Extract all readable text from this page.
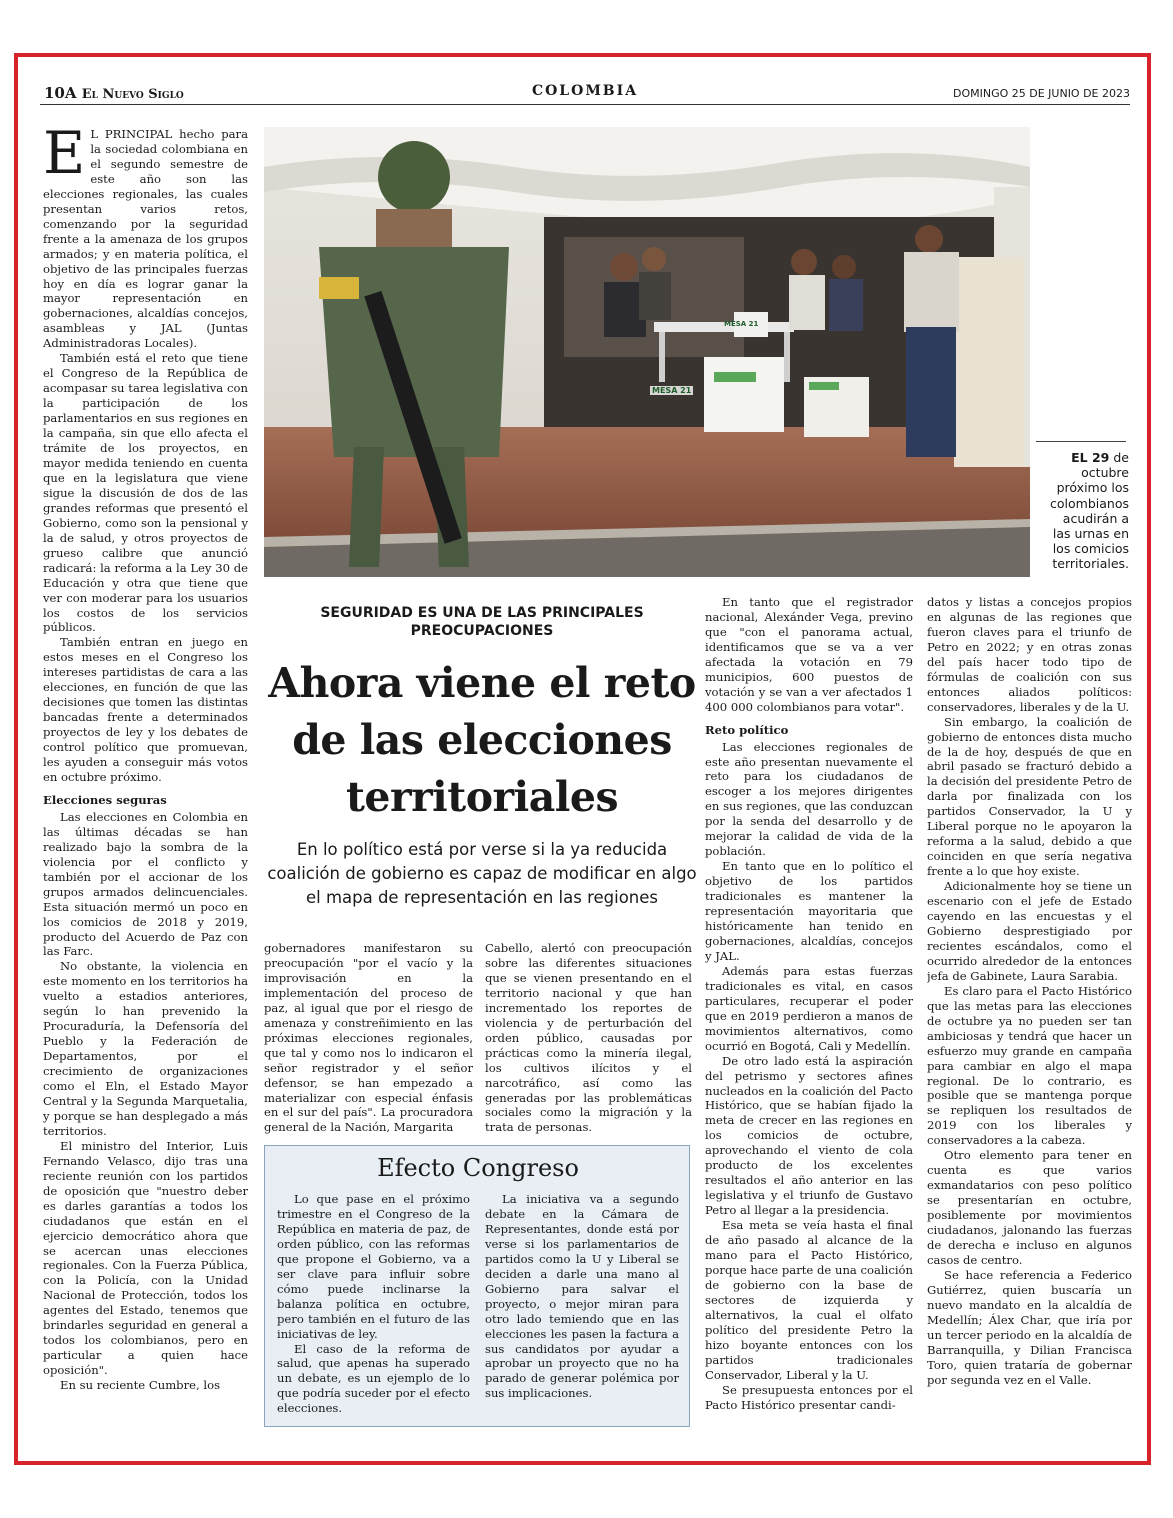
10A El Nuevo Siglo	COLOMBIA	DOMINGO 25 DE JUNIO DE 2023
MESA 21
MESA 21
EL 29 de octubre próximo los colombianos acudirán a las urnas en los comicios territoriales.

E L PRINCIPAL hecho para la sociedad colombiana en el segundo semestre de este año son las elecciones regionales, las cuales presentan varios retos, comenzando por la seguridad frente a la amenaza de los grupos armados; y en materia política, el objetivo de las principales fuerzas hoy en día es lograr ganar la mayor representación en gobernaciones, alcaldías concejos, asambleas y JAL (Juntas Administradoras Locales).

También está el reto que tiene el Congreso de la República de acompasar su tarea legislativa con la participación de los parlamentarios en sus regiones en la campaña, sin que ello afecta el trámite de los proyectos, en mayor medida teniendo en cuenta que en la legislatura que viene sigue la discusión de dos de las grandes reformas que presentó el Gobierno, como son la pensional y la de salud, y otros proyectos de grueso calibre que anunció radicará: la reforma a la Ley 30 de Educación y otra que tiene que ver con moderar para los usuarios los costos de los servicios públicos.

También entran en juego en estos meses en el Congreso los intereses partidistas de cara a las elecciones, en función de que las decisiones que tomen las distintas bancadas frente a determinados proyectos de ley y los debates de control político que promuevan, les ayuden a conseguir más votos en octubre próximo.

Elecciones seguras

Las elecciones en Colombia en las últimas décadas se han realizado bajo la sombra de la violencia por el conflicto y también por el accionar de los grupos armados delincuenciales. Esta situación mermó un poco en los comicios de 2018 y 2019, producto del Acuerdo de Paz con las Farc.

No obstante, la violencia en este momento en los territorios ha vuelto a estadios anteriores, según lo han prevenido la Procuraduría, la Defensoría del Pueblo y la Federación de Departamentos, por el crecimiento de organizaciones como el Eln, el Estado Mayor Central y la Segunda Marquetalia, y porque se han desplegado a más territorios.

El ministro del Interior, Luis Fernando Velasco, dijo tras una reciente reunión con los partidos de oposición que "nuestro deber es darles garantías a todos los ciudadanos que están en el ejercicio democrático ahora que se acercan unas elecciones regionales. Con la Fuerza Pública, con la Policía, con la Unidad Nacional de Protección, todos los agentes del Estado, tenemos que brindarles seguridad en general a todos los colombianos, pero en particular a quien hace oposición".

En su reciente Cumbre, los

SEGURIDAD ES UNA DE LAS PRINCIPALES PREOCUPACIONES
Ahora viene el reto de las elecciones territoriales
En lo político está por verse si la ya reducida coalición de gobierno es capaz de modificar en algo el mapa de representación en las regiones

gobernadores manifestaron su preocupación "por el vacío y la improvisación en la implementación del proceso de paz, al igual que por el riesgo de amenaza y constreñimiento en las próximas elecciones regionales, que tal y como nos lo indicaron el señor registrador y el señor defensor, se han empezado a materializar con especial énfasis en el sur del país". La procuradora general de la Nación, Margarita

Cabello, alertó con preocupación sobre las diferentes situaciones que se vienen presentando en el territorio nacional y que han incrementado los reportes de violencia y de perturbación del orden público, causadas por prácticas como la minería ilegal, los cultivos ilícitos y el narcotráfico, así como las generadas por las problemáticas sociales como la migración y la trata de personas.

Efecto Congreso

Lo que pase en el próximo trimestre en el Congreso de la República en materia de paz, de orden público, con las reformas que propone el Gobierno, va a ser clave para influir sobre cómo puede inclinarse la balanza política en octubre, pero también en el futuro de las iniciativas de ley.

El caso de la reforma de salud, que apenas ha superado un debate, es un ejemplo de lo que podría suceder por el efecto elecciones.

La iniciativa va a segundo debate en la Cámara de Representantes, donde está por verse si los parlamentarios de partidos como la U y Liberal se deciden a darle una mano al Gobierno para salvar el proyecto, o mejor miran para otro lado temiendo que en las elecciones les pasen la factura a sus candidatos por ayudar a aprobar un proyecto que no ha parado de generar polémica por sus implicaciones.

En tanto que el registrador nacional, Alexánder Vega, previno que "con el panorama actual, identificamos que se va a ver afectada la votación en 79 municipios, 600 puestos de votación y se van a ver afectados 1 400 000 colombianos para votar".

Reto político

Las elecciones regionales de este año presentan nuevamente el reto para los ciudadanos de escoger a los mejores dirigentes en sus regiones, que las conduzcan por la senda del desarrollo y de mejorar la calidad de vida de la población.

En tanto que en lo político el objetivo de los partidos tradicionales es mantener la representación mayoritaria que históricamente han tenido en gobernaciones, alcaldías, concejos y JAL.

Además para estas fuerzas tradicionales es vital, en casos particulares, recuperar el poder que en 2019 perdieron a manos de movimientos alternativos, como ocurrió en Bogotá, Cali y Medellín.

De otro lado está la aspiración del petrismo y sectores afines nucleados en la coalición del Pacto Histórico, que se habían fijado la meta de crecer en las regiones en los comicios de octubre, aprovechando el viento de cola producto de los excelentes resultados el año anterior en las legislativa y el triunfo de Gustavo Petro al llegar a la presidencia.

Esa meta se veía hasta el final de año pasado al alcance de la mano para el Pacto Histórico, porque hace parte de una coalición de gobierno con la base de sectores de izquierda y alternativos, la cual el olfato político del presidente Petro la hizo boyante entonces con los partidos tradicionales Conservador, Liberal y la U.

Se presupuesta entonces por el Pacto Histórico presentar candi-

datos y listas a concejos propios en algunas de las regiones que fueron claves para el triunfo de Petro en 2022; y en otras zonas del país hacer todo tipo de fórmulas de coalición con sus entonces aliados políticos: conservadores, liberales y de la U.

Sin embargo, la coalición de gobierno de entonces dista mucho de la de hoy, después de que en abril pasado se fracturó debido a la decisión del presidente Petro de darla por finalizada con los partidos Conservador, la U y Liberal porque no le apoyaron la reforma a la salud, debido a que coinciden en que sería negativa frente a lo que hoy existe.

Adicionalmente hoy se tiene un escenario con el jefe de Estado cayendo en las encuestas y el Gobierno desprestigiado por recientes escándalos, como el ocurrido alrededor de la entonces jefa de Gabinete, Laura Sarabia.

Es claro para el Pacto Histórico que las metas para las elecciones de octubre ya no pueden ser tan ambiciosas y tendrá que hacer un esfuerzo muy grande en campaña para cambiar en algo el mapa regional. De lo contrario, es posible que se mantenga porque se repliquen los resultados de 2019 con los liberales y conservadores a la cabeza.

Otro elemento para tener en cuenta es que varios exmandatarios con peso político se presentarían en octubre, posiblemente por movimientos ciudadanos, jalonando las fuerzas de derecha e incluso en algunos casos de centro.

Se hace referencia a Federico Gutiérrez, quien buscaría un nuevo mandato en la alcaldía de Medellín; Álex Char, que iría por un tercer periodo en la alcaldía de Barranquilla, y Dilian Francisca Toro, quien trataría de gobernar por segunda vez en el Valle.
